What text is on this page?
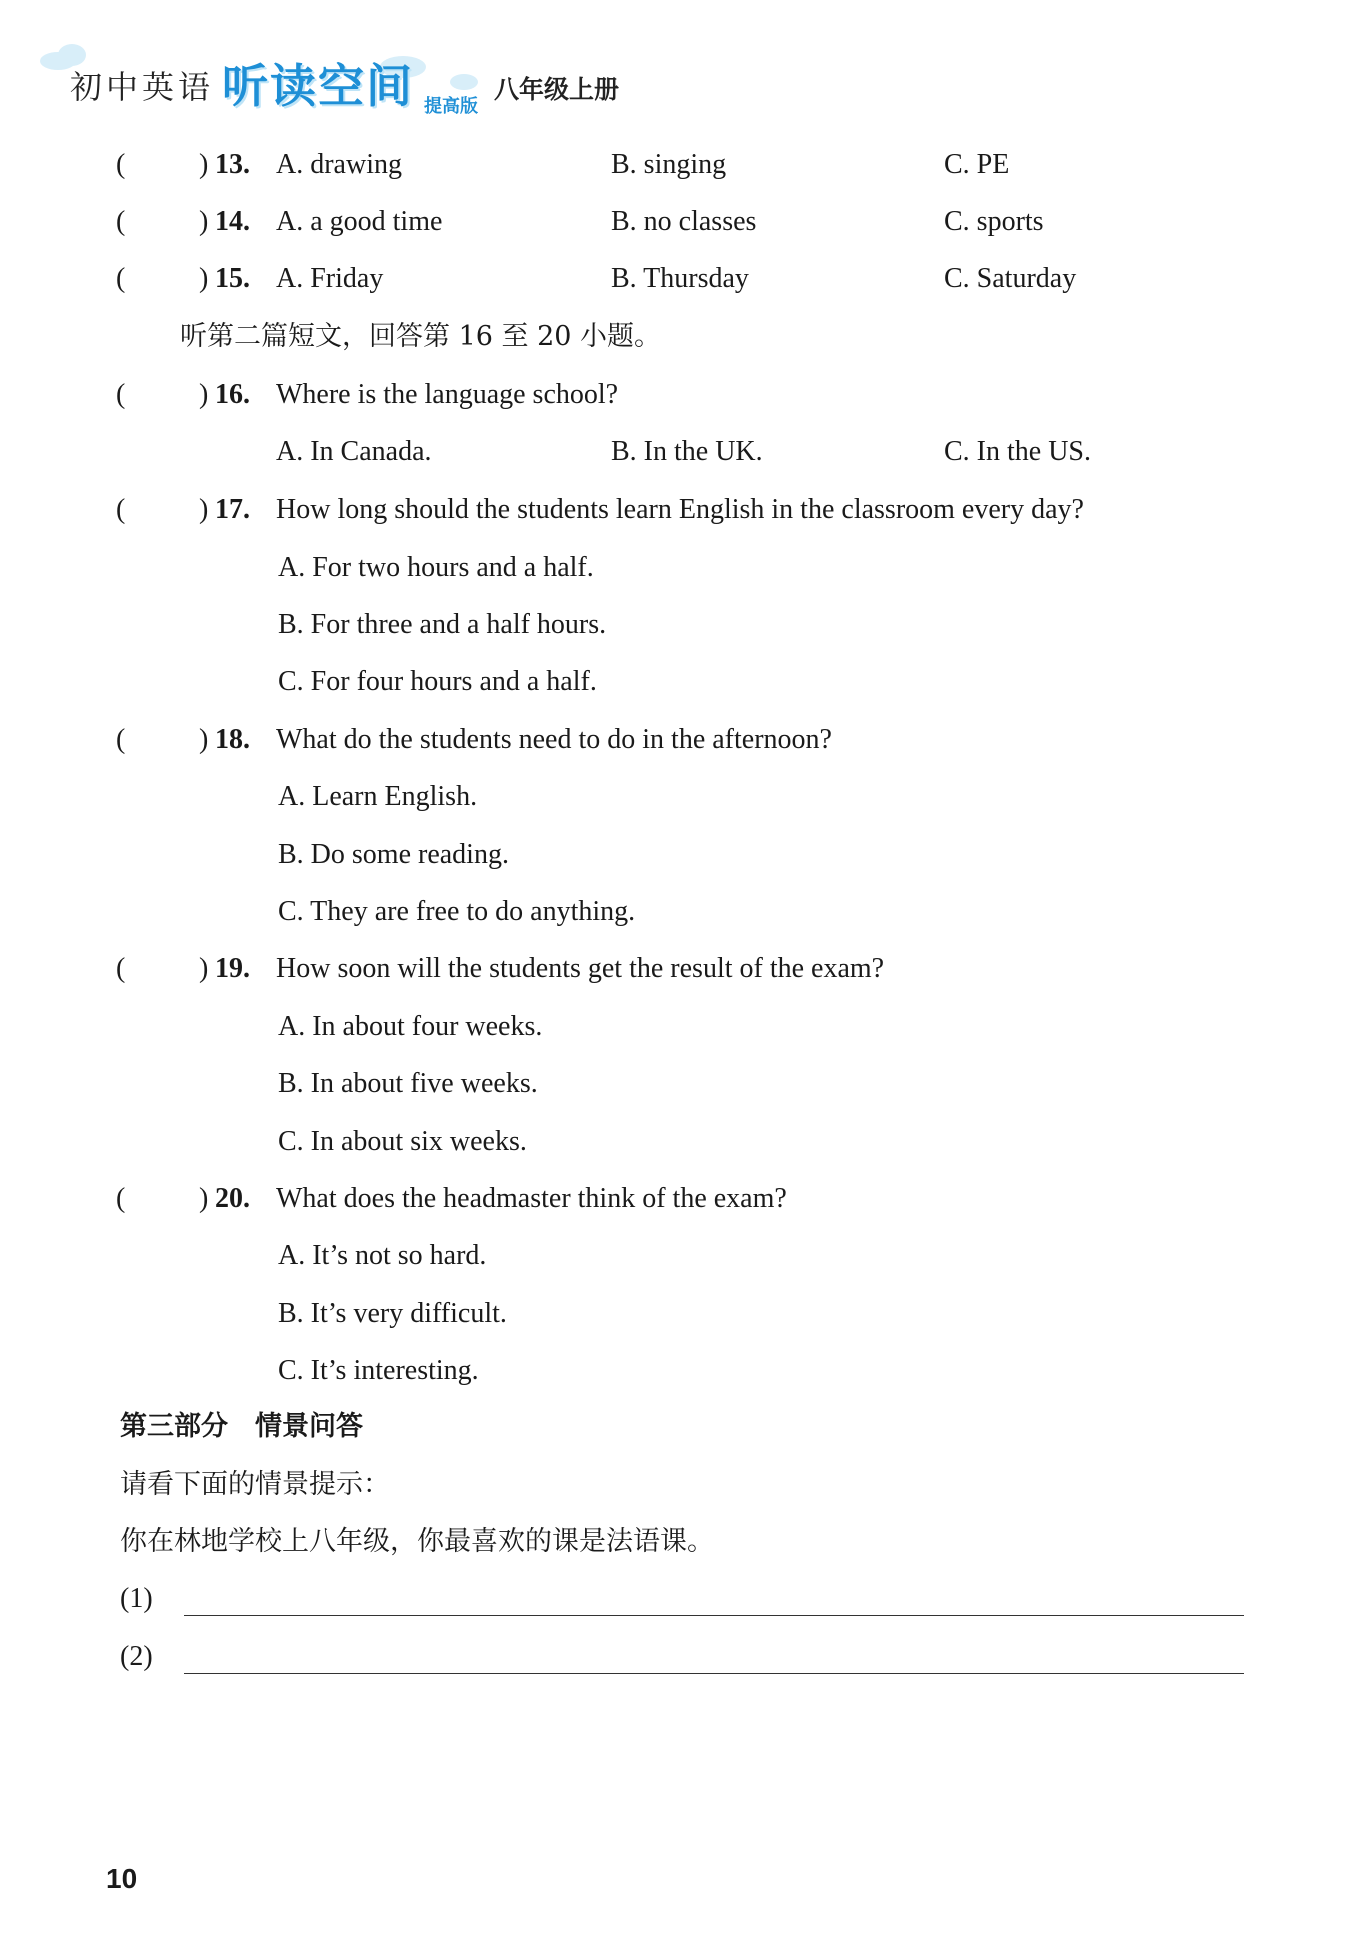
初中英语 听读空间 提高版
八年级上册
(	) 13. A. drawing	B. singing	C. PE
(	) 14. A. a good time	B. no classes	C. sports
(	) 15. A. Friday	B. Thursday	C. Saturday
听第二篇短文，回答第 16 至 20 小题。
(	) 16. Where is the language school?
A. In Canada.	B. In the UK.	C. In the US.
(	) 17. How long should the students learn English in the classroom every day?
A. For two hours and a half.
B. For three and a half hours.
C. For four hours and a half.
(	) 18. What do the students need to do in the afternoon?
A. Learn English.
B. Do some reading.
C. They are free to do anything.
(	) 19. How soon will the students get the result of the exam?
A. In about four weeks.
B. In about five weeks.
C. In about six weeks.
(	) 20. What does the headmaster think of the exam?
A. It’s not so hard.
B. It’s very difficult.
C. It’s interesting.
第三部分　情景问答
请看下面的情景提示：
你在林地学校上八年级，你最喜欢的课是法语课。
(1)
(2)
10
